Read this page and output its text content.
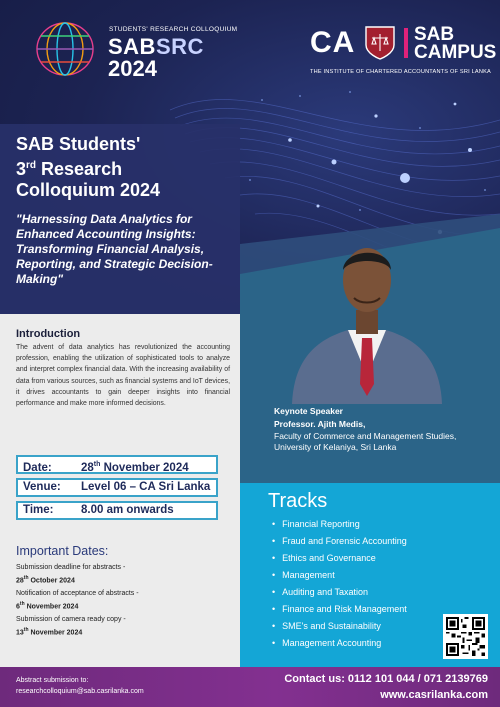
STUDENTS' RESEARCH COLLOQUIUM
SABSRC
2024
CA	SAB
CAMPUS
THE INSTITUTE OF CHARTERED ACCOUNTANTS OF SRI LANKA
SAB Students'
3rd Research
Colloquium 2024
"Harnessing Data Analytics for Enhanced Accounting Insights: Transforming Financial Analysis, Reporting, and Strategic Decision-Making"
Keynote Speaker
Professor. Ajith Medis,
Faculty of Commerce and Management Studies,
University of Kelaniya, Sri Lanka
Introduction
The advent of data analytics has revolutionized the accounting profession, enabling the utilization of sophisticated tools to analyze and interpret complex financial data. With the increasing availability of data from various sources, such as financial systems and IoT devices, it drives accountants to gain deeper insights into financial performance and make more informed decisions.
Date:	28th November 2024
Venue: Level 06 – CA Sri Lanka
Time: 8.00 am onwards
Important Dates:
Submission deadline for abstracts -
28th October 2024
Notification of acceptance of abstracts -
6th November 2024
Submission of camera ready copy -
13th November 2024
Tracks
• Financial Reporting
• Fraud and Forensic Accounting
• Ethics and Governance
• Management
• Auditing and Taxation
• Finance and Risk Management
• SME's and Sustainability
• Management Accounting
Abstract submission to:
researchcolloquium@sab.casrilanka.com
Contact us: 0112 101 044 / 071 2139769
www.casrilanka.com
